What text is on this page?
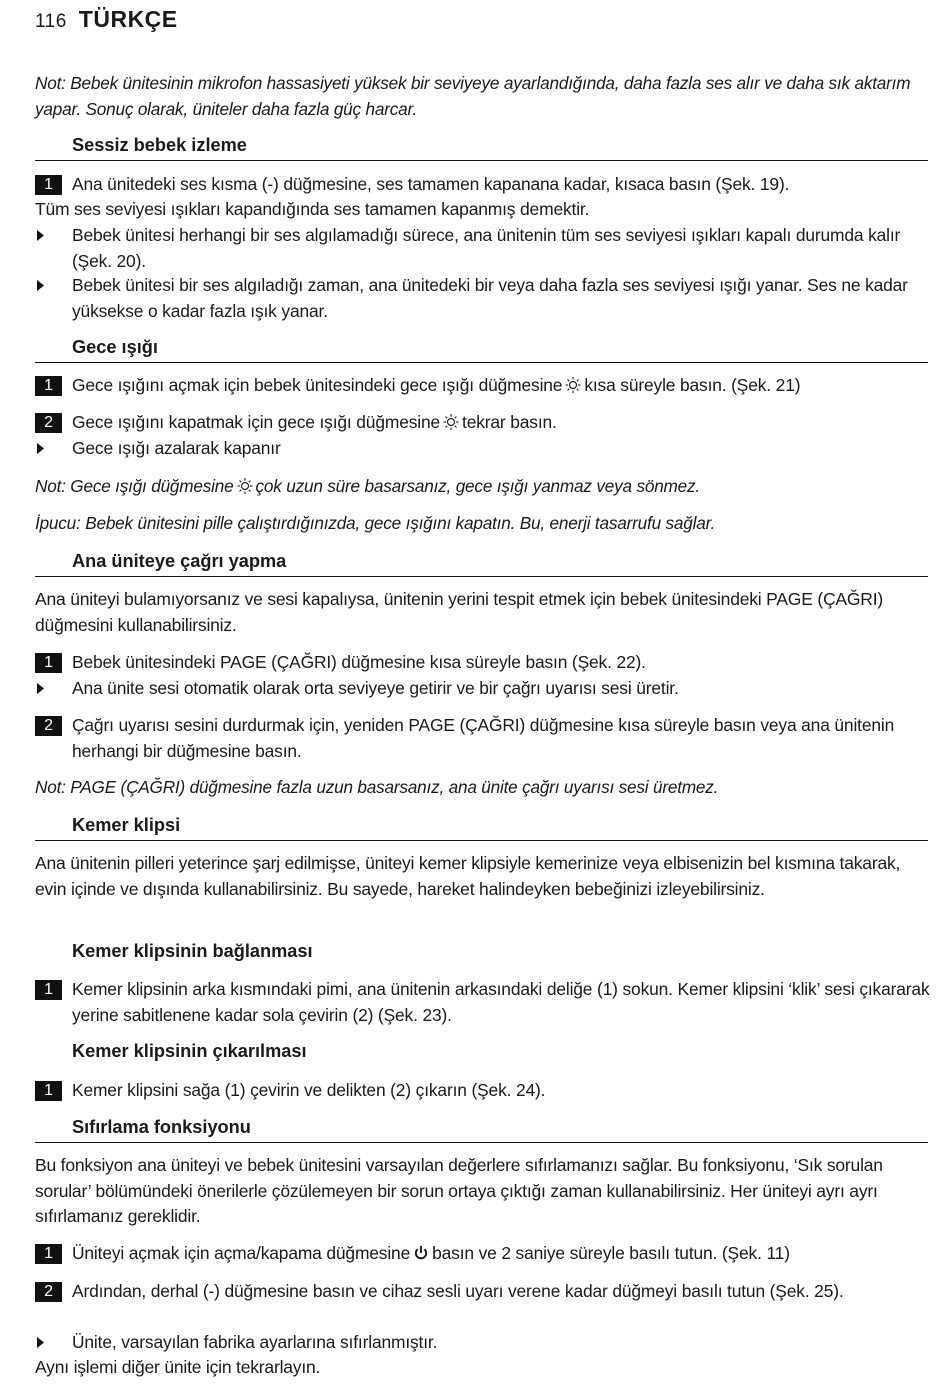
116 TÜRKÇE

Not: Bebek ünitesinin mikrofon hassasiyeti yüksek bir seviyeye ayarlandığında, daha fazla ses alır ve daha sık aktarım yapar. Sonuç olarak, üniteler daha fazla güç harcar.

Sessiz bebek izleme
1	Ana ünitedeki ses kısma (-) düğmesine, ses tamamen kapanana kadar, kısaca basın (Şek. 19).

Tüm ses seviyesi ışıkları kapandığında ses tamamen kapanmış demektir.

Bebek ünitesi herhangi bir ses algılamadığı sürece, ana ünitenin tüm ses seviyesi ışıkları kapalı durumda kalır (Şek. 20).
Bebek ünitesi bir ses algıladığı zaman, ana ünitedeki bir veya daha fazla ses seviyesi ışığı yanar. Ses ne kadar yüksekse o kadar fazla ışık yanar.
Gece ışığı
1	Gece ışığını açmak için bebek ünitesindeki gece ışığı düğmesine kısa süreyle basın. (Şek. 21)
2	Gece ışığını kapatmak için gece ışığı düğmesine tekrar basın.
Gece ışığı azalarak kapanır

Not: Gece ışığı düğmesine çok uzun süre basarsanız, gece ışığı yanmaz veya sönmez.

İpucu: Bebek ünitesini pille çalıştırdığınızda, gece ışığını kapatın. Bu, enerji tasarrufu sağlar.

Ana üniteye çağrı yapma

Ana üniteyi bulamıyorsanız ve sesi kapalıysa, ünitenin yerini tespit etmek için bebek ünitesindeki PAGE (ÇAĞRI) düğmesini kullanabilirsiniz.

1	Bebek ünitesindeki PAGE (ÇAĞRI) düğmesine kısa süreyle basın (Şek. 22).
Ana ünite sesi otomatik olarak orta seviyeye getirir ve bir çağrı uyarısı sesi üretir.
2	Çağrı uyarısı sesini durdurmak için, yeniden PAGE (ÇAĞRI) düğmesine kısa süreyle basın veya ana ünitenin herhangi bir düğmesine basın.

Not: PAGE (ÇAĞRI) düğmesine fazla uzun basarsanız, ana ünite çağrı uyarısı sesi üretmez.

Kemer klipsi

Ana ünitenin pilleri yeterince şarj edilmişse, üniteyi kemer klipsiyle kemerinize veya elbisenizin bel kısmına takarak, evin içinde ve dışında kullanabilirsiniz. Bu sayede, hareket halindeyken bebeğinizi izleyebilirsiniz.

Kemer klipsinin bağlanması
1	Kemer klipsinin arka kısmındaki pimi, ana ünitenin arkasındaki deliğe (1) sokun. Kemer klipsini ‘klik’ sesi çıkararak yerine sabitlenene kadar sola çevirin (2) (Şek. 23).
Kemer klipsinin çıkarılması
1	Kemer klipsini sağa (1) çevirin ve delikten (2) çıkarın (Şek. 24).
Sıfırlama fonksiyonu

Bu fonksiyon ana üniteyi ve bebek ünitesini varsayılan değerlere sıfırlamanızı sağlar. Bu fonksiyonu, ‘Sık sorulan sorular’ bölümündeki önerilerle çözülemeyen bir sorun ortaya çıktığı zaman kullanabilirsiniz. Her üniteyi ayrı ayrı sıfırlamanız gereklidir.

1	Üniteyi açmak için açma/kapama düğmesine basın ve 2 saniye süreyle basılı tutun. (Şek. 11)
2	Ardından, derhal (-) düğmesine basın ve cihaz sesli uyarı verene kadar düğmeyi basılı tutun (Şek. 25).
Ünite, varsayılan fabrika ayarlarına sıfırlanmıştır.

Aynı işlemi diğer ünite için tekrarlayın.
